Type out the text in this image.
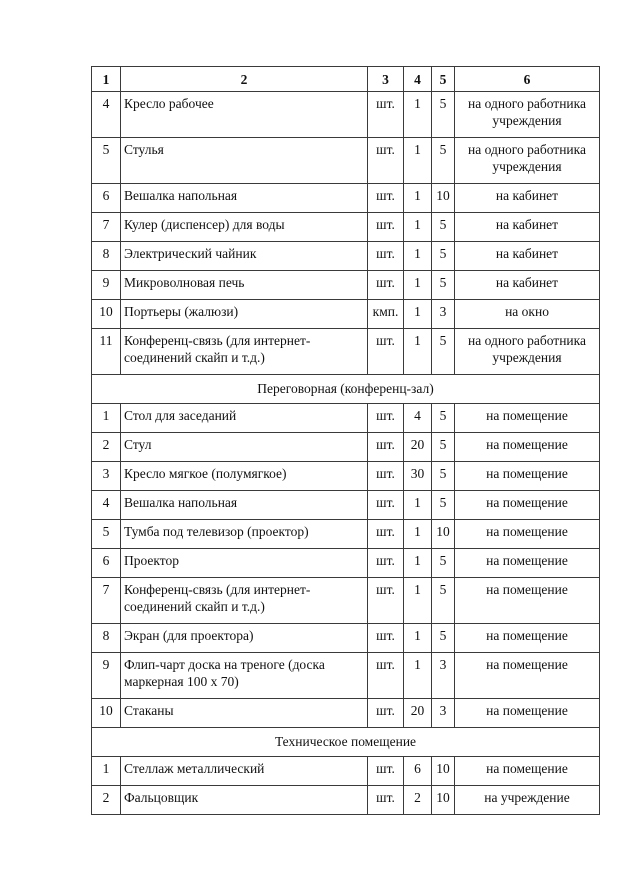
1	2	3	4	5	6
4	Кресло рабочее	шт.	1	5	на одного работника учреждения
5	Стулья	шт.	1	5	на одного работника учреждения
6	Вешалка напольная	шт.	1	10	на кабинет
7	Кулер (диспенсер) для воды	шт.	1	5	на кабинет
8	Электрический чайник	шт.	1	5	на кабинет
9	Микроволновая печь	шт.	1	5	на кабинет
10	Портьеры (жалюзи)	кмп.	1	3	на окно
11	Конференц-связь (для интернет-соединений скайп и т.д.)	шт.	1	5	на одного работника учреждения
Переговорная (конференц-зал)					
1	Стол для заседаний	шт.	4	5	на помещение
2	Стул	шт.	20	5	на помещение
3	Кресло мягкое (полумягкое)	шт.	30	5	на помещение
4	Вешалка напольная	шт.	1	5	на помещение
5	Тумба под телевизор (проектор)	шт.	1	10	на помещение
6	Проектор	шт.	1	5	на помещение
7	Конференц-связь (для интернет-соединений скайп и т.д.)	шт.	1	5	на помещение
8	Экран (для проектора)	шт.	1	5	на помещение
9	Флип-чарт доска на треноге (доска маркерная 100 х 70)	шт.	1	3	на помещение
10	Стаканы	шт.	20	3	на помещение
Техническое помещение					
1	Стеллаж металлический	шт.	6	10	на помещение
2	Фальцовщик	шт.	2	10	на учреждение
